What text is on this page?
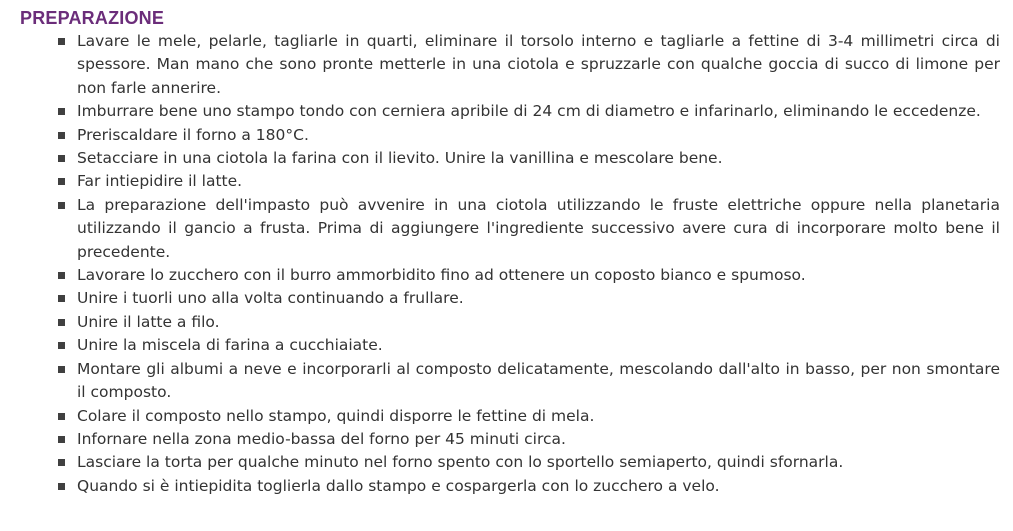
PREPARAZIONE
Lavare le mele, pelarle, tagliarle in quarti, eliminare il torsolo interno e tagliarle a fettine di 3-4 millimetri circa di spessore. Man mano che sono pronte metterle in una ciotola e spruzzarle con qualche goccia di succo di limone per non farle annerire.
Imburrare bene uno stampo tondo con cerniera apribile di 24 cm di diametro e infarinarlo, eliminando le eccedenze.
Preriscaldare il forno a 180°C.
Setacciare in una ciotola la farina con il lievito. Unire la vanillina e mescolare bene.
Far intiepidire il latte.
La preparazione dell'impasto può avvenire in una ciotola utilizzando le fruste elettriche oppure nella planetaria utilizzando il gancio a frusta. Prima di aggiungere l'ingrediente successivo avere cura di incorporare molto bene il precedente.
Lavorare lo zucchero con il burro ammorbidito fino ad ottenere un coposto bianco e spumoso.
Unire i tuorli uno alla volta continuando a frullare.
Unire il latte a filo.
Unire la miscela di farina a cucchiaiate.
Montare gli albumi a neve e incorporarli al composto delicatamente, mescolando dall'alto in basso, per non smontare il composto.
Colare il composto nello stampo, quindi disporre le fettine di mela.
Infornare nella zona medio-bassa del forno per 45 minuti circa.
Lasciare la torta per qualche minuto nel forno spento con lo sportello semiaperto, quindi sfornarla.
Quando si è intiepidita toglierla dallo stampo e cospargerla con lo zucchero a velo.
